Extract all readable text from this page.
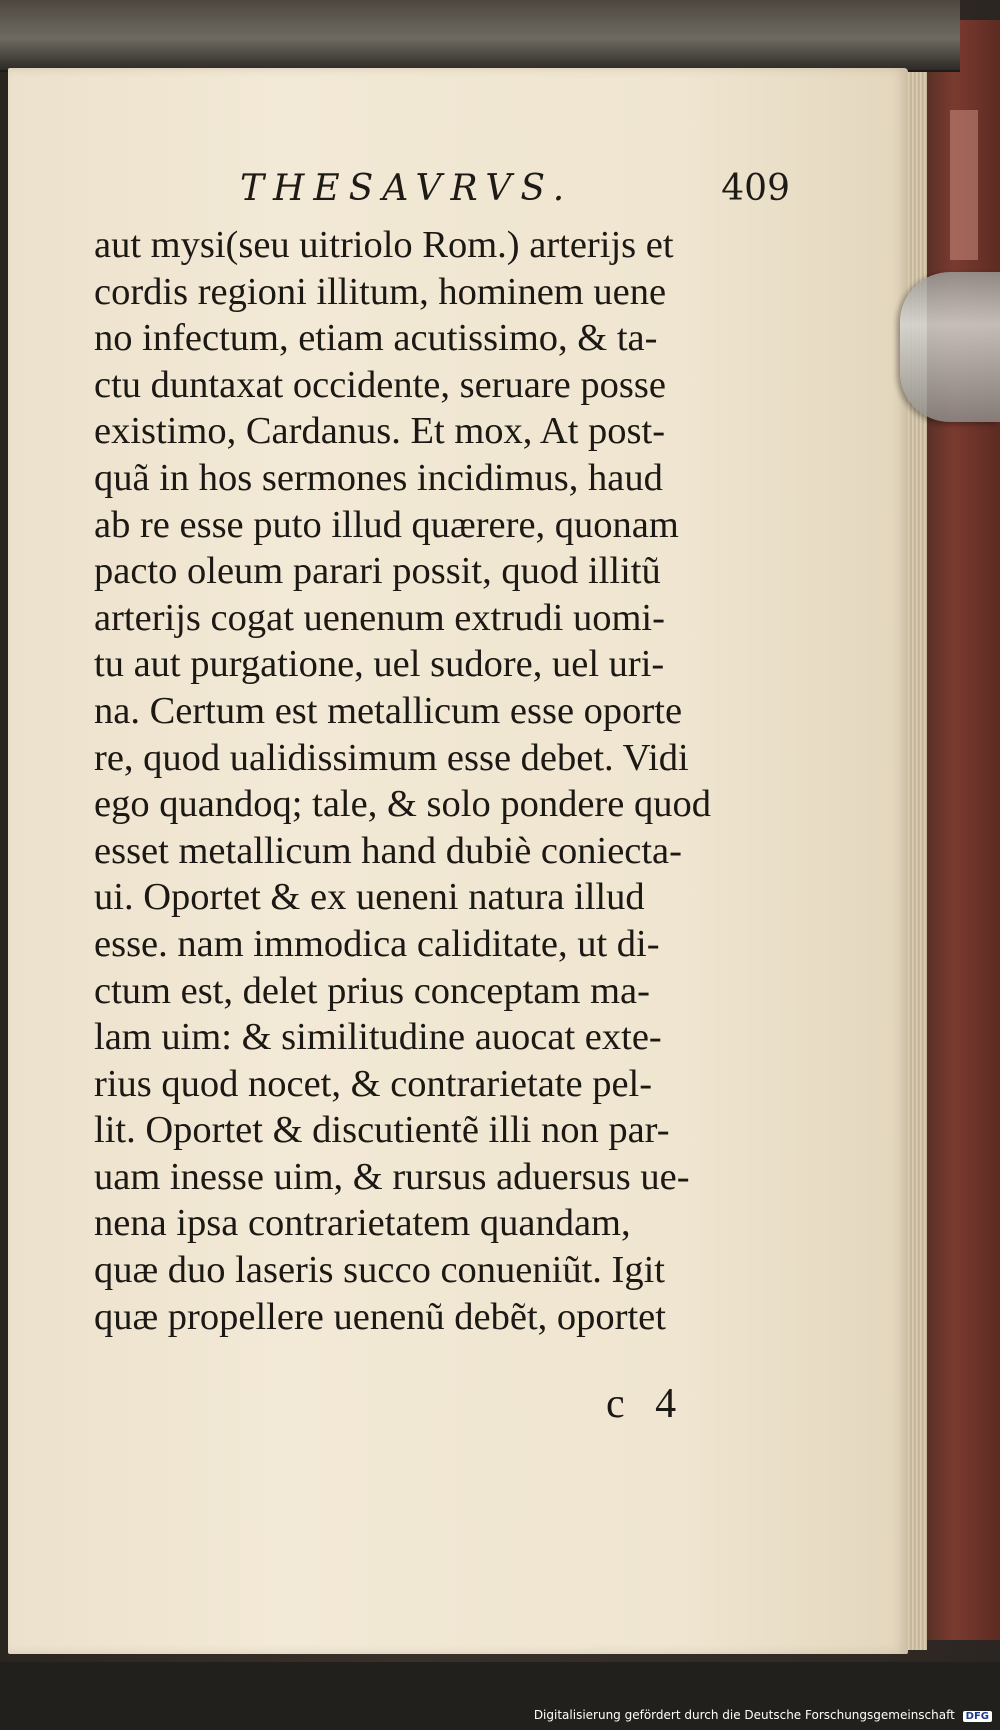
THESAVRVS.	409
aut mysi(seu uitriolo Rom.) arterijs et
cordis regioni illitum, hominem uene
no infectum, etiam acutissimo, & ta-
ctu duntaxat occidente, seruare posse
existimo, Cardanus. Et mox, At post-
quã in hos sermones incidimus, haud
ab re esse puto illud quærere, quonam
pacto oleum parari possit, quod illitũ
arterijs cogat uenenum extrudi uomi-
tu aut purgatione, uel sudore, uel uri-
na. Certum est metallicum esse oporte
re, quod ualidissimum esse debet. Vidi
ego quandoq; tale, & solo pondere quod
esset metallicum hand dubiè coniecta-
ui. Oportet & ex ueneni natura illud
esse. nam immodica caliditate, ut di-
ctum est, delet prius conceptam ma-
lam uim: & similitudine auocat exte-
rius quod nocet, & contrarietate pel-
lit. Oportet & discutientẽ illi non par-
uam inesse uim, & rursus aduersus ue-
nena ipsa contrarietatem quandam,
quæ duo laseris succo conueniũt. Igit
quæ propellere uenenũ debẽt, oportet
c 4
Digitalisierung gefördert durch die Deutsche Forschungsgemeinschaft DFG
